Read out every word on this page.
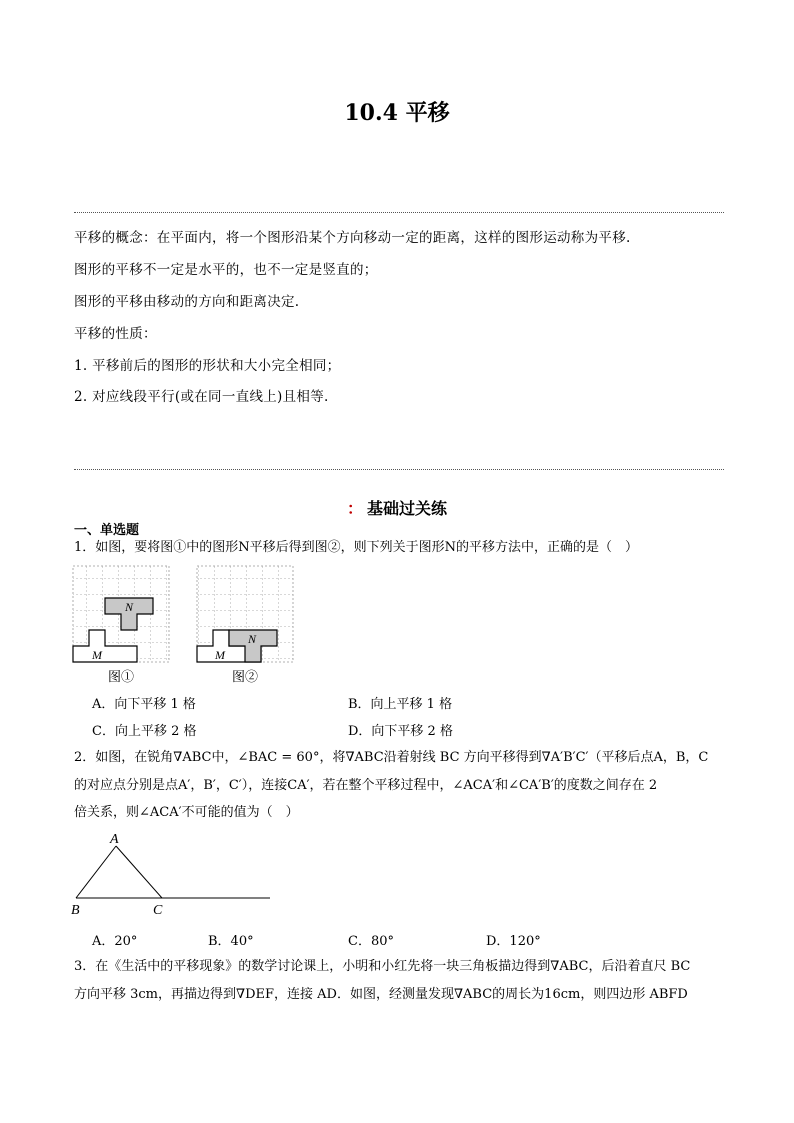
10.4 平移
平移的概念：在平面内，将一个图形沿某个方向移动一定的距离，这样的图形运动称为平移.
图形的平移不一定是水平的，也不一定是竖直的；
图形的平移由移动的方向和距离决定.
平移的性质：
1. 平移前后的图形的形状和大小完全相同；
2. 对应线段平行(或在同一直线上)且相等.
： 基础过关练
一、单选题
1．如图，要将图①中的图形N平移后得到图②，则下列关于图形N的平移方法中，正确的是（　）
N
M
N
M
图①	图②
A．向下平移 1 格	B．向上平移 1 格
C．向上平移 2 格	D．向下平移 2 格
2．如图，在锐角∇ABC中，∠BAC = 60°，将∇ABC沿着射线 BC 方向平移得到∇A′B′C′（平移后点A，B，C
的对应点分别是点A′，B′，C′），连接CA′，若在整个平移过程中，∠ACA′和∠CA′B′的度数之间存在 2
倍关系，则∠ACA′不可能的值为（　）
A
B	C
A．20°	B．40°	C．80°	D．120°
3．在《生活中的平移现象》的数学讨论课上，小明和小红先将一块三角板描边得到∇ABC，后沿着直尺 BC
方向平移 3cm，再描边得到∇DEF，连接 AD．如图，经测量发现∇ABC的周长为16cm，则四边形 ABFD
